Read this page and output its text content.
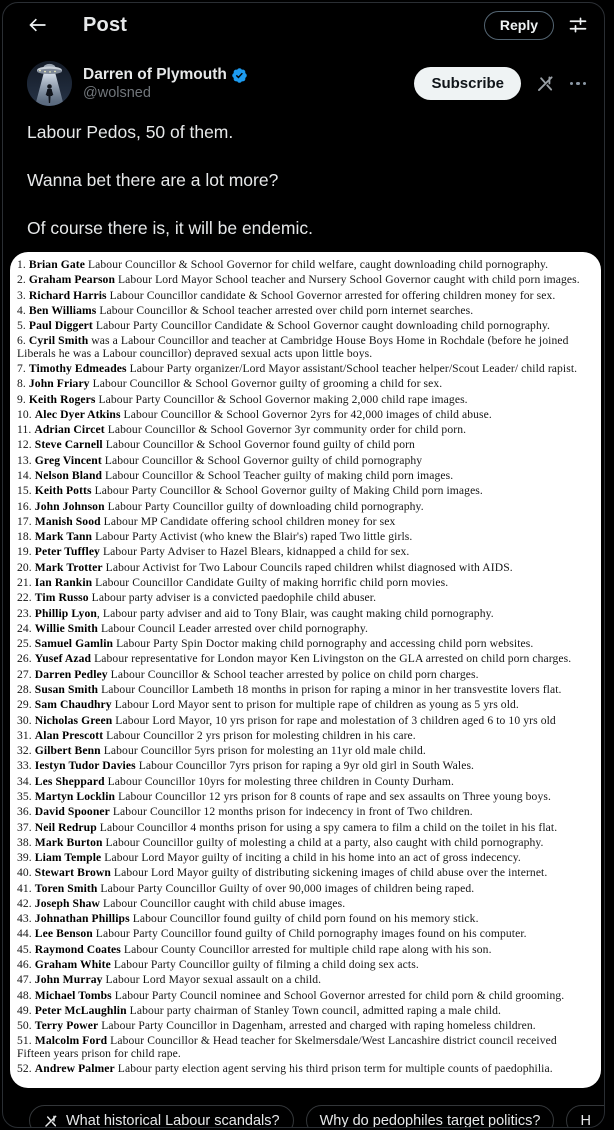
Post	Reply
Darren of Plymouth
@wolsned
Subscribe

Labour Pedos, 50 of them.

Wanna bet there are a lot more?

Of course there is, it will be endemic.

1. Brian Gate Labour Councillor & School Governor for child welfare, caught downloading child pornography.
2. Graham Pearson Labour Lord Mayor School teacher and Nursery School Governor caught with child porn images.
3. Richard Harris Labour Councillor candidate & School Governor arrested for offering children money for sex.
4. Ben Williams Labour Councillor & School teacher arrested over child porn internet searches.
5. Paul Diggert Labour Party Councillor Candidate & School Governor caught downloading child pornography.
6. Cyril Smith was a Labour Councillor and teacher at Cambridge House Boys Home in Rochdale (before he joined Liberals he was a Labour councillor) depraved sexual acts upon little boys.
7. Timothy Edmeades Labour Party organizer/Lord Mayor assistant/School teacher helper/Scout Leader/ child rapist.
8. John Friary Labour Councillor & School Governor guilty of grooming a child for sex.
9. Keith Rogers Labour Party Councillor & School Governor making 2,000 child rape images.
10. Alec Dyer Atkins Labour Councillor & School Governor 2yrs for 42,000 images of child abuse.
11. Adrian Circet Labour Councillor & School Governor 3yr community order for child porn.
12. Steve Carnell Labour Councillor & School Governor found guilty of child porn
13. Greg Vincent Labour Councillor & School Governor guilty of child pornography
14. Nelson Bland Labour Councillor & School Teacher guilty of making child porn images.
15. Keith Potts Labour Party Councillor & School Governor guilty of Making Child porn images.
16. John Johnson Labour Party Councillor guilty of downloading child pornography.
17. Manish Sood Labour MP Candidate offering school children money for sex
18. Mark Tann Labour Party Activist (who knew the Blair's) raped Two little girls.
19. Peter Tuffley Labour Party Adviser to Hazel Blears, kidnapped a child for sex.
20. Mark Trotter Labour Activist for Two Labour Councils raped children whilst diagnosed with AIDS.
21. Ian Rankin Labour Councillor Candidate Guilty of making horrific child porn movies.
22. Tim Russo Labour party adviser is a convicted paedophile child abuser.
23. Phillip Lyon, Labour party adviser and aid to Tony Blair, was caught making child pornography.
24. Willie Smith Labour Council Leader arrested over child pornography.
25. Samuel Gamlin Labour Party Spin Doctor making child pornography and accessing child porn websites.
26. Yusef Azad Labour representative for London mayor Ken Livingston on the GLA arrested on child porn charges.
27. Darren Pedley Labour Councillor & School teacher arrested by police on child porn charges.
28. Susan Smith Labour Councillor Lambeth 18 months in prison for raping a minor in her transvestite lovers flat.
29. Sam Chaudhry Labour Lord Mayor sent to prison for multiple rape of children as young as 5 yrs old.
30. Nicholas Green Labour Lord Mayor, 10 yrs prison for rape and molestation of 3 children aged 6 to 10 yrs old
31. Alan Prescott Labour Councillor 2 yrs prison for molesting children in his care.
32. Gilbert Benn Labour Councillor 5yrs prison for molesting an 11yr old male child.
33. Iestyn Tudor Davies Labour Councillor 7yrs prison for raping a 9yr old girl in South Wales.
34. Les Sheppard Labour Councillor 10yrs for molesting three children in County Durham.
35. Martyn Locklin Labour Councillor 12 yrs prison for 8 counts of rape and sex assaults on Three young boys.
36. David Spooner Labour Councillor 12 months prison for indecency in front of Two children.
37. Neil Redrup Labour Councillor 4 months prison for using a spy camera to film a child on the toilet in his flat.
38. Mark Burton Labour Councillor guilty of molesting a child at a party, also caught with child pornography.
39. Liam Temple Labour Lord Mayor guilty of inciting a child in his home into an act of gross indecency.
40. Stewart Brown Labour Lord Mayor guilty of distributing sickening images of child abuse over the internet.
41. Toren Smith Labour Party Councillor Guilty of over 90,000 images of children being raped.
42. Joseph Shaw Labour Councillor caught with child abuse images.
43. Johnathan Phillips Labour Councillor found guilty of child porn found on his memory stick.
44. Lee Benson Labour Party Councillor found guilty of Child pornography images found on his computer.
45. Raymond Coates Labour County Councillor arrested for multiple child rape along with his son.
46. Graham White Labour Party Councillor guilty of filming a child doing sex acts.
47. John Murray Labour Lord Mayor sexual assault on a child.
48. Michael Tombs Labour Party Council nominee and School Governor arrested for child porn & child grooming.
49. Peter McLaughlin Labour party chairman of Stanley Town council, admitted raping a male child.
50. Terry Power Labour Party Councillor in Dagenham, arrested and charged with raping homeless children.
51. Malcolm Ford Labour Councillor & Head teacher for Skelmersdale/West Lancashire district council received Fifteen years prison for child rape.
52. Andrew Palmer Labour party election agent serving his third prison term for multiple counts of paedophilia.
What historical Labour scandals?	Why do pedophiles target politics?	H
